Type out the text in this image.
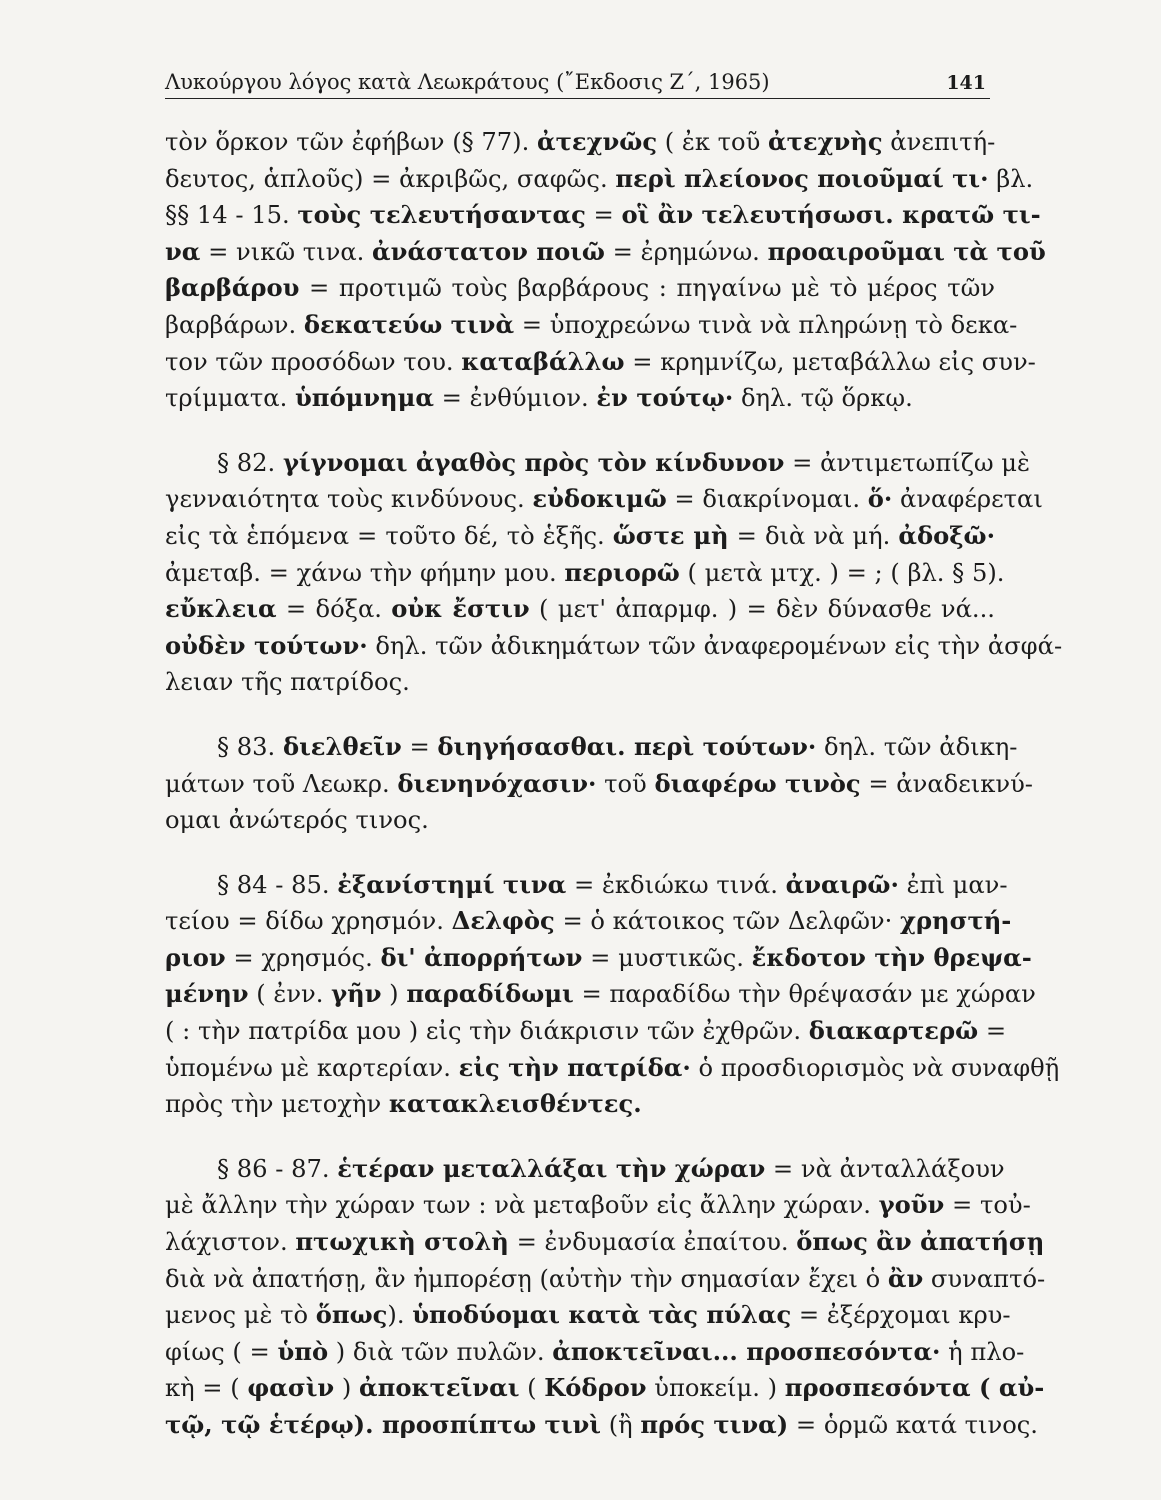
Λυκούργου λόγος κατὰ Λεωκράτους (῎Εκδοσις Ζ΄, 1965)	141
τὸν ὅρκον τῶν ἐφήβων (§ 77). ἀτεχνῶς ( ἐκ τοῦ ἀτεχνὴς ἀνεπιτή-
δευτος, ἁπλοῦς) = ἀκριβῶς, σαφῶς. περὶ πλείονος ποιοῦμαί τι· βλ.
§§ 14 - 15. τοὺς τελευτήσαντας = οἳ ἂν τελευτήσωσι. κρατῶ τι-
να = νικῶ τινα. ἀνάστατον ποιῶ = ἐρημώνω. προαιροῦμαι τὰ τοῦ
βαρβάρου = προτιμῶ τοὺς βαρβάρους : πηγαίνω μὲ τὸ μέρος τῶν
βαρβάρων. δεκατεύω τινὰ = ὑποχρεώνω τινὰ νὰ πληρώνῃ τὸ δεκα-
τον τῶν προσόδων του. καταβάλλω = κρημνίζω, μεταβάλλω εἰς συν-
τρίμματα. ὑπόμνημα = ἐνθύμιον. ἐν τούτῳ· δηλ. τῷ ὅρκῳ.
§ 82. γίγνομαι ἀγαθὸς πρὸς τὸν κίνδυνον = ἀντιμετωπίζω μὲ
γενναιότητα τοὺς κινδύνους. εὐδοκιμῶ = διακρίνομαι. ὅ· ἀναφέρεται
εἰς τὰ ἑπόμενα = τοῦτο δέ, τὸ ἑξῆς. ὥστε μὴ = διὰ νὰ μή. ἀδοξῶ·
ἀμεταβ. = χάνω τὴν φήμην μου. περιορῶ ( μετὰ μτχ. ) = ; ( βλ. § 5).
εὔκλεια = δόξα. οὐκ ἔστιν ( μετ' ἀπαρμφ. ) = δὲν δύνασθε νά...
οὐδὲν τούτων· δηλ. τῶν ἀδικημάτων τῶν ἀναφερομένων εἰς τὴν ἀσφά-
λειαν τῆς πατρίδος.
§ 83. διελθεῖν = διηγήσασθαι. περὶ τούτων· δηλ. τῶν ἀδικη-
μάτων τοῦ Λεωκρ. διενηνόχασιν· τοῦ διαφέρω τινὸς = ἀναδεικνύ-
ομαι ἀνώτερός τινος.
§ 84 - 85. ἐξανίστημί τινα = ἐκδιώκω τινά. ἀναιρῶ· ἐπὶ μαν-
τείου = δίδω χρησμόν. Δελφὸς = ὁ κάτοικος τῶν Δελφῶν· χρηστή-
ριον = χρησμός. δι' ἀπορρήτων = μυστικῶς. ἔκδοτον τὴν θρεψα-
μένην ( ἐνν. γῆν ) παραδίδωμι = παραδίδω τὴν θρέψασάν με χώραν
( : τὴν πατρίδα μου ) εἰς τὴν διάκρισιν τῶν ἐχθρῶν. διακαρτερῶ =
ὑπομένω μὲ καρτερίαν. εἰς τὴν πατρίδα· ὁ προσδιορισμὸς νὰ συναφθῇ
πρὸς τὴν μετοχὴν κατακλεισθέντες.
§ 86 - 87. ἑτέραν μεταλλάξαι τὴν χώραν = νὰ ἀνταλλάξουν
μὲ ἄλλην τὴν χώραν των : νὰ μεταβοῦν εἰς ἄλλην χώραν. γοῦν = τοὐ-
λάχιστον. πτωχικὴ στολὴ = ἐνδυμασία ἐπαίτου. ὅπως ἂν ἀπατήσῃ
διὰ νὰ ἀπατήσῃ, ἂν ἠμπορέσῃ (αὐτὴν τὴν σημασίαν ἔχει ὁ ἂν συναπτό-
μενος μὲ τὸ ὅπως). ὑποδύομαι κατὰ τὰς πύλας = ἐξέρχομαι κρυ-
φίως ( = ὑπὸ ) διὰ τῶν πυλῶν. ἀποκτεῖναι... προσπεσόντα· ἡ πλο-
κὴ = ( φασὶν ) ἀποκτεῖναι ( Κόδρον ὑποκείμ. ) προσπεσόντα ( αὐ-
τῷ, τῷ ἑτέρῳ). προσπίπτω τινὶ (ἢ πρός τινα) = ὁρμῶ κατά τινος.
